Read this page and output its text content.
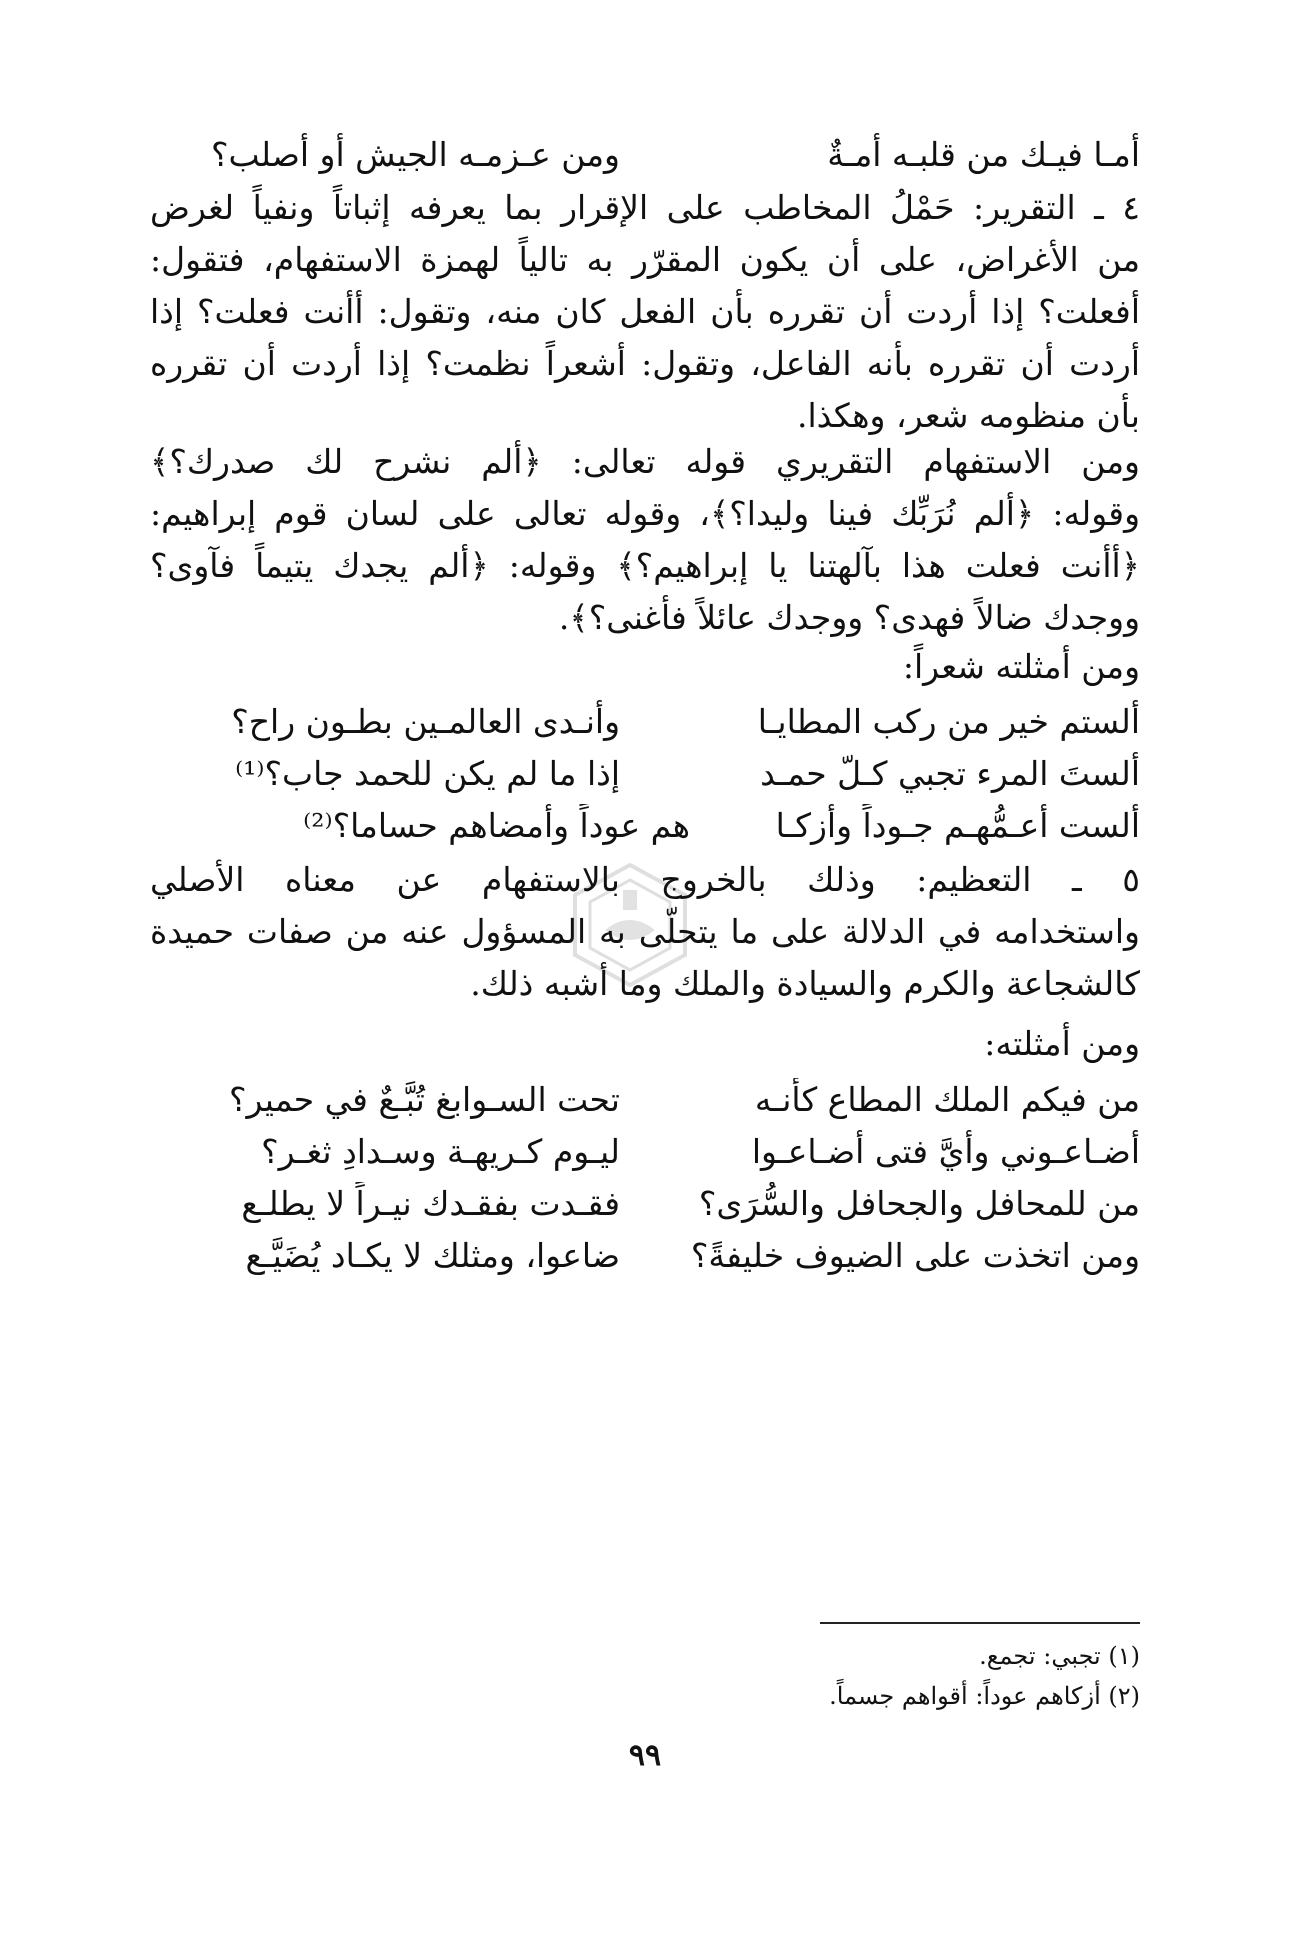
أمـا فيـك من قلبـه أمـةٌ
ومن عـزمـه الجيش أو أصلب؟
٤ ـ التقرير: حَمْلُ المخاطب على الإقرار بما يعرفه إثباتاً ونفياً لغرض
من الأغراض، على أن يكون المقرّر به تالياً لهمزة الاستفهام، فتقول:
أفعلت؟ إذا أردت أن تقرره بأن الفعل كان منه، وتقول: أأنت فعلت؟ إذا
أردت أن تقرره بأنه الفاعل، وتقول: أشعراً نظمت؟ إذا أردت أن تقرره
بأن منظومه شعر، وهكذا.
ومن الاستفهام التقريري قوله تعالى: ﴿ألم نشرح لك صدرك؟﴾
وقوله: ﴿ألم نُرَبِّك فينا وليدا؟﴾، وقوله تعالى على لسان قوم إبراهيم:
﴿أأنت فعلت هذا بآلهتنا يا إبراهيم؟﴾ وقوله: ﴿ألم يجدك يتيماً فآوى؟
ووجدك ضالاً فهدى؟ ووجدك عائلاً فأغنى؟﴾.
ومن أمثلته شعراً:
ألستم خير من ركب المطايـا
وأنـدى العالمـين بطـون راح؟
ألستَ المرء تجبي كـلّ حمـد
إذا ما لم يكن للحمد جاب؟⁽¹⁾
ألست أعـمُّهـم جـوداً وأزكـا
هم عوداً وأمضاهم حساما؟⁽²⁾
٥ ـ التعظيم: وذلك بالخروج بالاستفهام عن معناه الأصلي
واستخدامه في الدلالة على ما يتحلّى به المسؤول عنه من صفات حميدة
كالشجاعة والكرم والسيادة والملك وما أشبه ذلك.
ومن أمثلته:
من فيكم الملك المطاع كأنـه
تحت السـوابغ تُبَّـعٌ في حمير؟
أضـاعـوني وأيَّ فتى أضـاعـوا
ليـوم كـريهـة وسـدادِ ثغـر؟
من للمحافل والجحافل والسُّرَى؟
فقـدت بفقـدك نيـراً لا يطلـع
ومن اتخذت على الضيوف خليفةً؟
ضاعوا، ومثلك لا يكـاد يُضَيَّـع
(١) تجبي: تجمع.
(٢) أزكاهم عوداً: أقواهم جسماً.
٩٩
